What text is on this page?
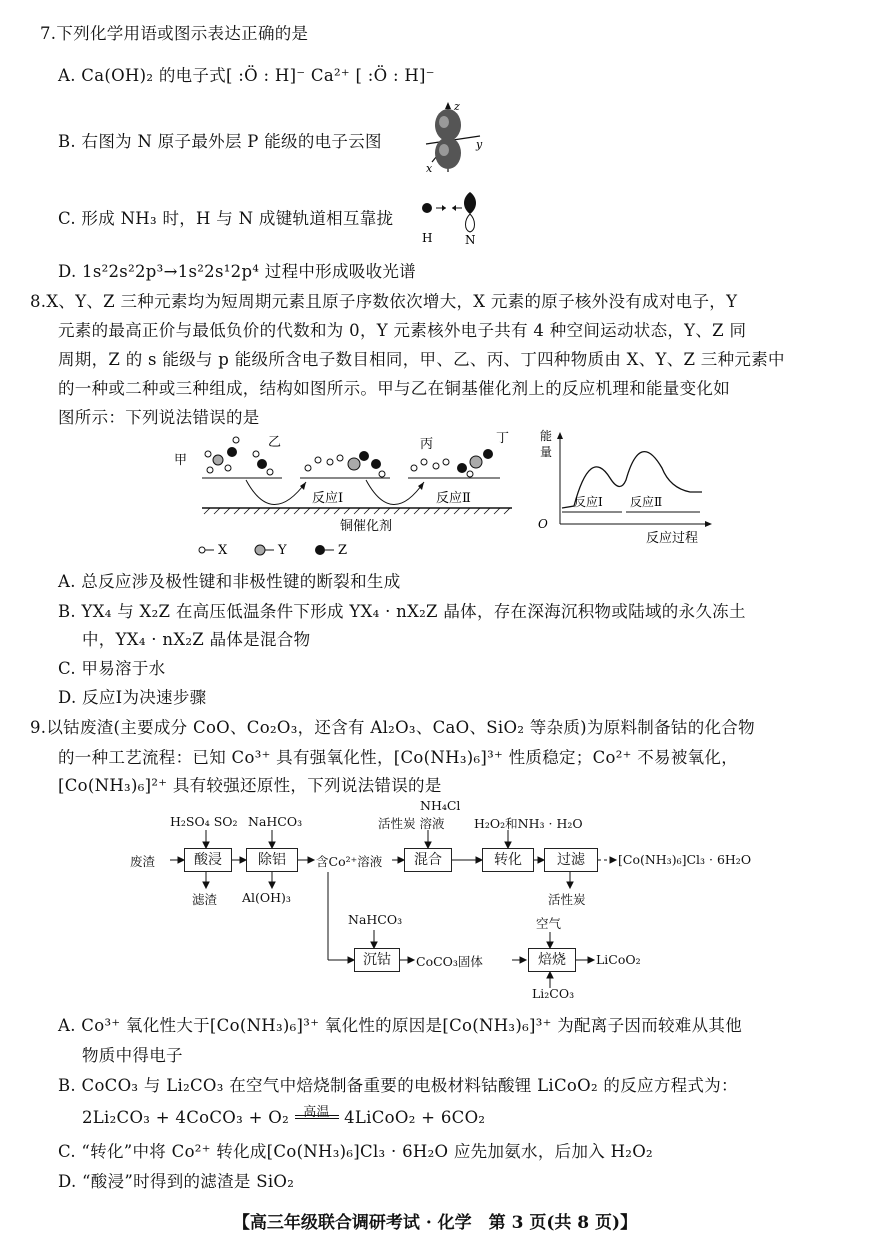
7.下列化学用语或图示表达正确的是
A. Ca(OH)₂ 的电子式[ :Ö : H]⁻ Ca²⁺ [ :Ö : H]⁻
B. 右图为 N 原子最外层 P 能级的电子云图
z
y
x
C. 形成 NH₃ 时，H 与 N 成键轨道相互靠拢
H	N
D. 1s²2s²2p³→1s²2s¹2p⁴ 过程中形成吸收光谱
8.X、Y、Z 三种元素均为短周期元素且原子序数依次增大，X 元素的原子核外没有成对电子，Y
元素的最高正价与最低负价的代数和为 0，Y 元素核外电子共有 4 种空间运动状态，Y、Z 同
周期，Z 的 s 能级与 p 能级所含电子数目相同，甲、乙、丙、丁四种物质由 X、Y、Z 三种元素中
的一种或二种或三种组成，结构如图所示。甲与乙在铜基催化剂上的反应机理和能量变化如
图所示：下列说法错误的是
甲
乙	丙	丁
反应Ⅰ	反应Ⅱ
铜催化剂
X	Y	Z
能
量
O
反应Ⅰ 反应Ⅱ
反应过程
A. 总反应涉及极性键和非极性键的断裂和生成
B. YX₄ 与 X₂Z 在高压低温条件下形成 YX₄ · nX₂Z 晶体，存在深海沉积物或陆域的永久冻土
中，YX₄ · nX₂Z 晶体是混合物
C. 甲易溶于水
D. 反应Ⅰ为决速步骤
9.以钴废渣(主要成分 CoO、Co₂O₃，还含有 Al₂O₃、CaO、SiO₂ 等杂质)为原料制备钴的化合物
的一种工艺流程：已知 Co³⁺ 具有强氧化性，[Co(NH₃)₆]³⁺ 性质稳定；Co²⁺ 不易被氧化，
[Co(NH₃)₆]²⁺ 具有较强还原性，下列说法错误的是
废渣
H₂SO₄ SO₂
酸浸
滤渣
NaHCO₃
除铝
Al(OH)₃
含Co²⁺溶液
NH₄Cl
活性炭 溶液
混合
H₂O₂和NH₃ · H₂O
转化	过滤
活性炭
[Co(NH₃)₆]Cl₃ · 6H₂O
NaHCO₃
沉钴	CoCO₃固体
空气
焙烧
Li₂CO₃
LiCoO₂
A. Co³⁺ 氧化性大于[Co(NH₃)₆]³⁺ 氧化性的原因是[Co(NH₃)₆]³⁺ 为配离子因而较难从其他
物质中得电子
B. CoCO₃ 与 Li₂CO₃ 在空气中焙烧制备重要的电极材料钴酸锂 LiCoO₂ 的反应方程式为：
2Li₂CO₃ + 4CoCO₃ + O₂	高温 4LiCoO₂ + 6CO₂
C. “转化”中将 Co²⁺ 转化成[Co(NH₃)₆]Cl₃ · 6H₂O 应先加氨水，后加入 H₂O₂
D. “酸浸”时得到的滤渣是 SiO₂
【高三年级联合调研考试 · 化学　第 3 页(共 8 页)】
